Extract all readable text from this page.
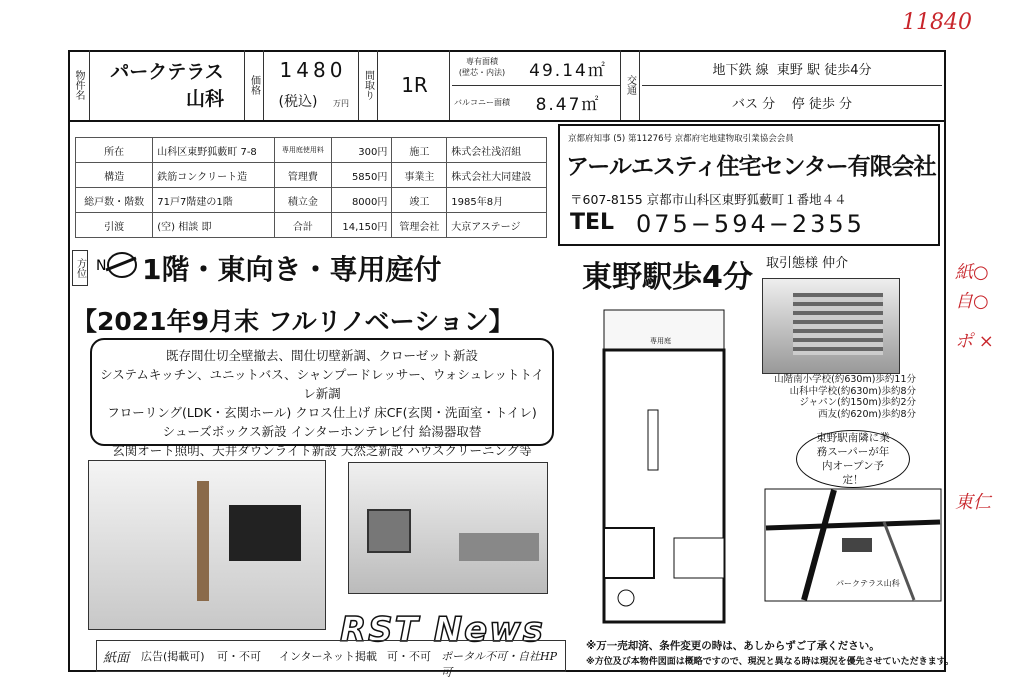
11840
紙○
自○
ポ ×
東仁
物件名	パークテラス
山科
価格
1480
(税込)	万円
間取り	1R
専有面積
(壁芯・内法)	49.14㎡
バルコニー面積	8.47㎡
交通
地下鉄 線  東野 駅 徒歩4分
バス 分    停 徒歩 分
所在	山科区東野狐藪町 7-8	専用庭使用料	300円	施工	株式会社浅沼組
構造	鉄筋コンクリート造	管理費	5850円	事業主	株式会社大同建設
総戸数・階数	71戸7階建の1階	積立金	8000円	竣工	1985年8月
引渡	(空) 相談 即	合計	14,150円	管理会社	大京アステージ
京都府知事 (5) 第11276号 京都府宅地建物取引業協会会員
アールエスティ住宅センター有限会社
〒607-8155 京都市山科区東野狐藪町１番地４４
TEL 075−594−2355
方位 N 1階・東向き・専用庭付	東野駅歩4分 取引態様 仲介
【2021年9月末 フルリノベーション】
既存間仕切全壁撤去、間仕切壁新調、クローゼット新設
システムキッチン、ユニットバス、シャンプードレッサー、ウォシュレットトイレ新調
フローリング(LDK・玄関ホール) クロス仕上げ 床CF(玄関・洗面室・トイレ)
シューズボックス新設 インターホンテレビ付 給湯器取替
玄関オート照明、天井ダウンライト新設 天然芝新設 ハウスクリーニング等
専用庭
山階南小学校(約630m)歩約11分
山科中学校(約630m)歩約8分
ジャパン(約150m)歩約2分
西友(約620m)歩約8分
東野駅南隣に業務スーパーが年内オープン予定！
パークテラス山科
RST News
紙面 広告(掲載可) 可・不可 インターネット掲載 可・不可 ポータル不可・自社HP可
※万一売却済、条件変更の時は、あしからずご了承ください。
※方位及び本物件図面は概略ですので、現況と異なる時は現況を優先させていただきます。
